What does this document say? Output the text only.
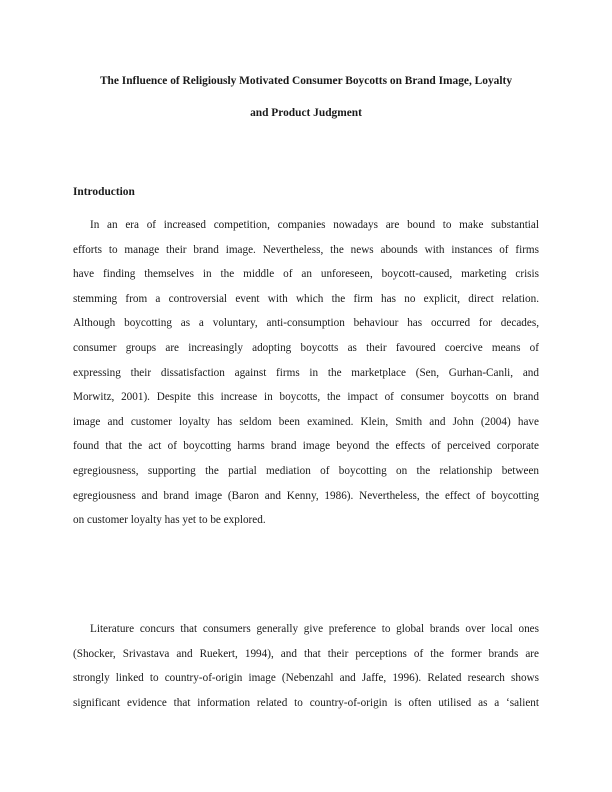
The Influence of Religiously Motivated Consumer Boycotts on Brand Image, Loyalty
and Product Judgment
Introduction
In an era of increased competition, companies nowadays are bound to make substantial
efforts to manage their brand image. Nevertheless, the news abounds with instances of firms
have finding themselves in the middle of an unforeseen, boycott-caused, marketing crisis
stemming from a controversial event with which the firm has no explicit, direct relation.
Although boycotting as a voluntary, anti-consumption behaviour has occurred for decades,
consumer groups are increasingly adopting boycotts as their favoured coercive means of
expressing their dissatisfaction against firms in the marketplace (Sen, Gurhan-Canli, and
Morwitz, 2001). Despite this increase in boycotts, the impact of consumer boycotts on brand
image and customer loyalty has seldom been examined. Klein, Smith and John (2004) have
found that the act of boycotting harms brand image beyond the effects of perceived corporate
egregiousness, supporting the partial mediation of boycotting on the relationship between
egregiousness and brand image (Baron and Kenny, 1986). Nevertheless, the effect of boycotting
on customer loyalty has yet to be explored.
Literature concurs that consumers generally give preference to global brands over local ones
(Shocker, Srivastava and Ruekert, 1994), and that their perceptions of the former brands are
strongly linked to country-of-origin image (Nebenzahl and Jaffe, 1996). Related research shows
significant evidence that information related to country-of-origin is often utilised as a ‘salient
